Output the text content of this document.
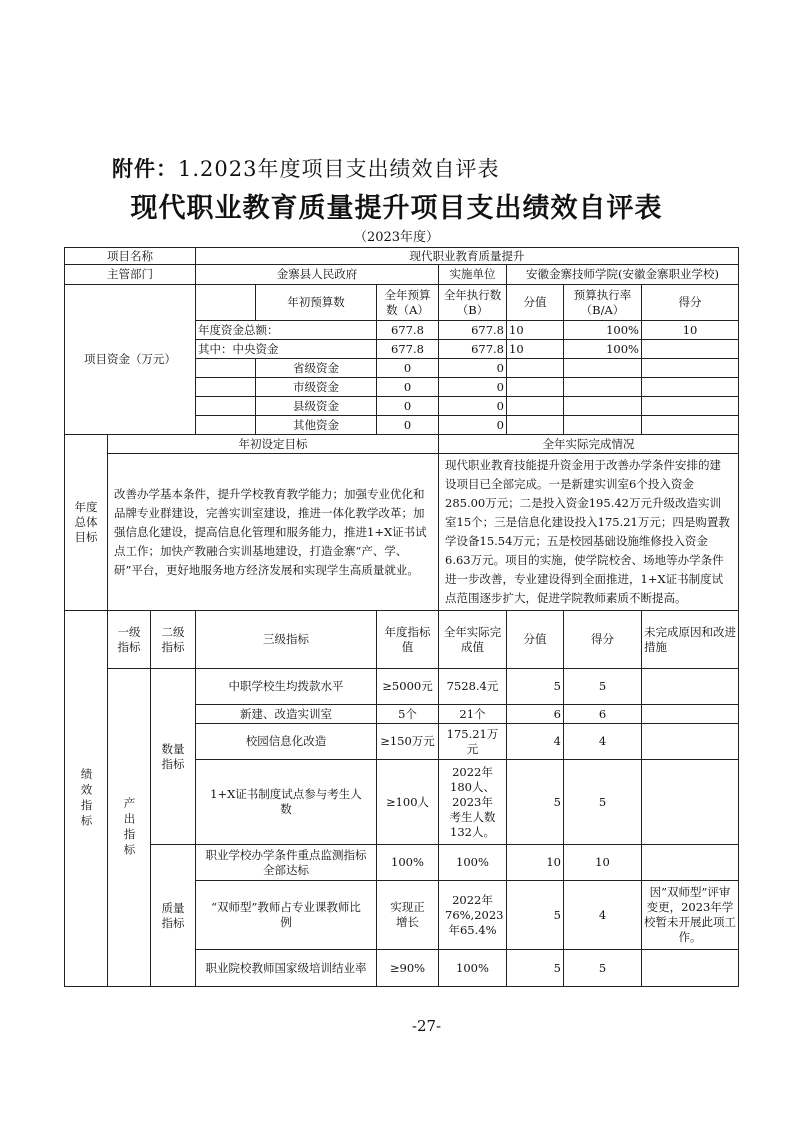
附件：1.2023年度项目支出绩效自评表
现代职业教育质量提升项目支出绩效自评表
（2023年度）
项目名称			现代职业教育质量提升						
主管部门			金寨县人民政府			实施单位	安徽金寨技师学院(安徽金寨职业学校)		
项目资金（万元）				年初预算数	全年预算数（A）	全年执行数（B）	分值	预算执行率（B/A）	得分
			年度资金总额：		677.8	677.8	10	100%	10
			其中：中央资金		677.8	677.8	10	100%	
				省级资金	0	0			
				市级资金	0	0			
				县级资金	0	0			
				其他资金	0	0			
年度总体目标	年初设定目标					全年实际完成情况			
	改善办学基本条件，提升学校教育教学能力；加强专业优化和品牌专业群建设，完善实训室建设，推进一体化教学改革；加强信息化建设，提高信息化管理和服务能力，推进1+X证书试点工作；加快产教融合实训基地建设，打造金寨“产、学、研”平台，更好地服务地方经济发展和实现学生高质量就业。					现代职业教育技能提升资金用于改善办学条件安排的建设项目已全部完成。一是新建实训室6个投入资金285.00万元；二是投入资金195.42万元升级改造实训室15个；三是信息化建设投入175.21万元；四是购置教学设备15.54万元；五是校园基础设施维修投入资金6.63万元。项目的实施，使学院校舍、场地等办学条件进一步改善，专业建设得到全面推进，1+X证书制度试点范围逐步扩大，促进学院教师素质不断提高。			
绩效指标	一级指标	二级指标	三级指标		年度指标值	全年实际完成值	分值	得分	未完成原因和改进措施
	产出指标	数量指标	中职学校生均拨款水平		≥5000元	7528.4元	5	5	
			新建、改造实训室		5个	21个	6	6	
			校园信息化改造		≥150万元	175.21万元	4	4	
			1+X证书制度试点参与考生人数		≥100人	2022年180人、2023年考生人数132人。	5	5	
		质量指标	职业学校办学条件重点监测指标全部达标		100%	100%	10	10	
			“双师型”教师占专业课教师比例		实现正增长	2022年76%,2023年65.4%	5	4	因”双师型”评审变更，2023年学校暂未开展此项工作。
			职业院校教师国家级培训结业率		≥90%	100%	5	5	
-27-
